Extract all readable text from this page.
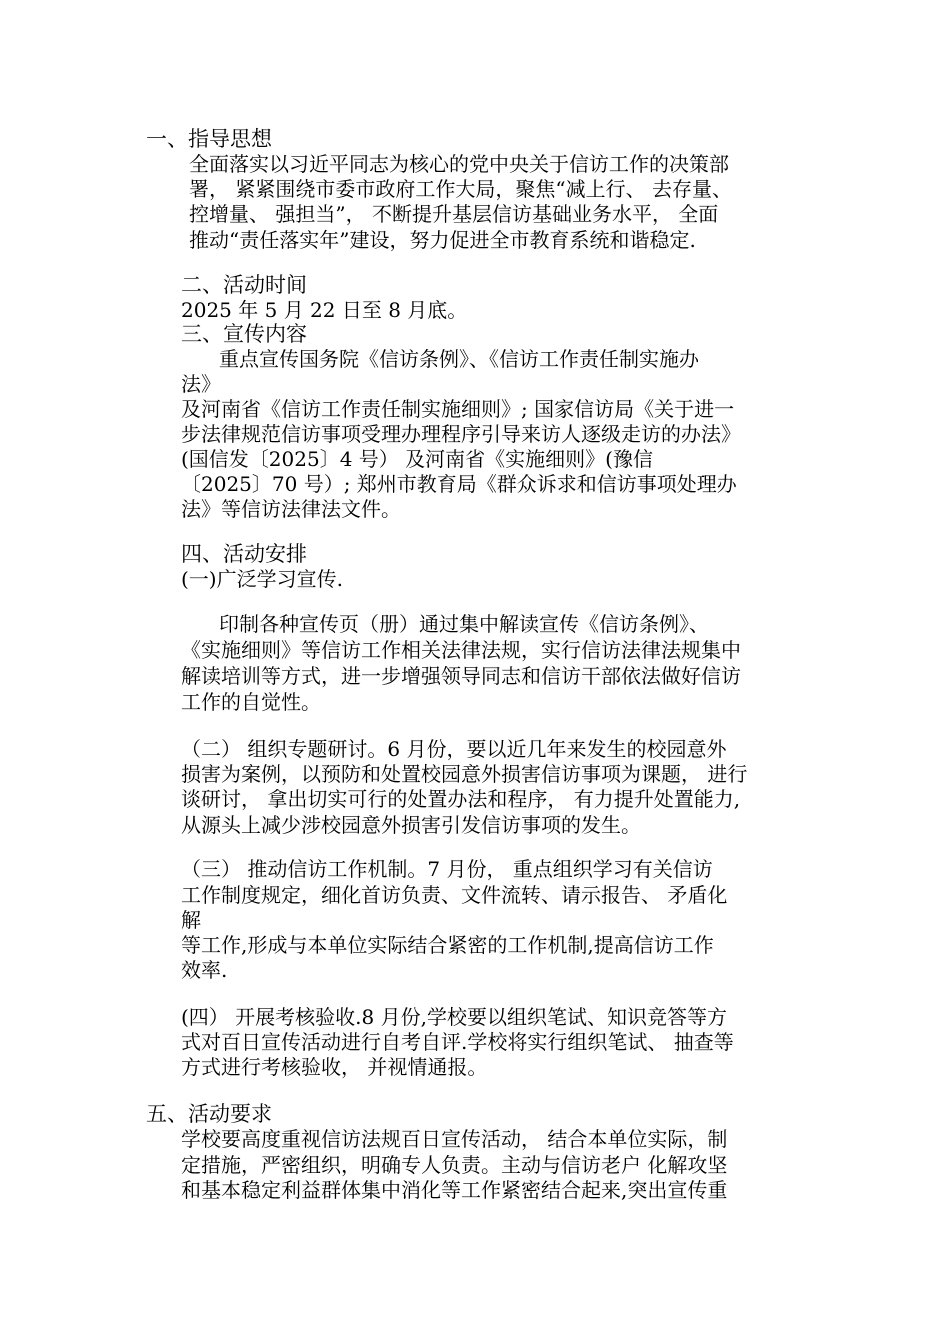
一、指导思想
全面落实以习近平同志为核心的党中央关于信访工作的决策部
署， 紧紧围绕市委市政府工作大局，聚焦“减上行、 去存量、
控增量、 强担当”， 不断提升基层信访基础业务水平， 全面
推动“责任落实年”建设，努力促进全市教育系统和谐稳定.
二、活动时间
2025 年 5 月 22 日至 8 月底。
三、宣传内容
重点宣传国务院《信访条例》、《信访工作责任制实施办
法》
及河南省《信访工作责任制实施细则》; 国家信访局《关于进一
步法律规范信访事项受理办理程序引导来访人逐级走访的办法》
(国信发〔2025〕4 号） 及河南省《实施细则》(豫信
〔2025〕70 号）; 郑州市教育局《群众诉求和信访事项处理办
法》等信访法律法文件。
四、活动安排
(一)广泛学习宣传.
印制各种宣传页（册）通过集中解读宣传《信访条例》、
《实施细则》等信访工作相关法律法规，实行信访法律法规集中
解读培训等方式，进一步增强领导同志和信访干部依法做好信访
工作的自觉性。
（二） 组织专题研讨。6 月份，要以近几年来发生的校园意外
损害为案例，以预防和处置校园意外损害信访事项为课题， 进行
谈研讨， 拿出切实可行的处置办法和程序， 有力提升处置能力,
从源头上减少涉校园意外损害引发信访事项的发生。
（三） 推动信访工作机制。7 月份， 重点组织学习有关信访
工作制度规定，细化首访负责、文件流转、请示报告、 矛盾化
解
等工作,形成与本单位实际结合紧密的工作机制,提高信访工作
效率.
(四） 开展考核验收.8 月份,学校要以组织笔试、知识竞答等方
式对百日宣传活动进行自考自评.学校将实行组织笔试、 抽查等
方式进行考核验收， 并视情通报。
五、活动要求
学校要高度重视信访法规百日宣传活动， 结合本单位实际，制
定措施，严密组织，明确专人负责。主动与信访老户 化解攻坚
和基本稳定利益群体集中消化等工作紧密结合起来,突出宣传重
